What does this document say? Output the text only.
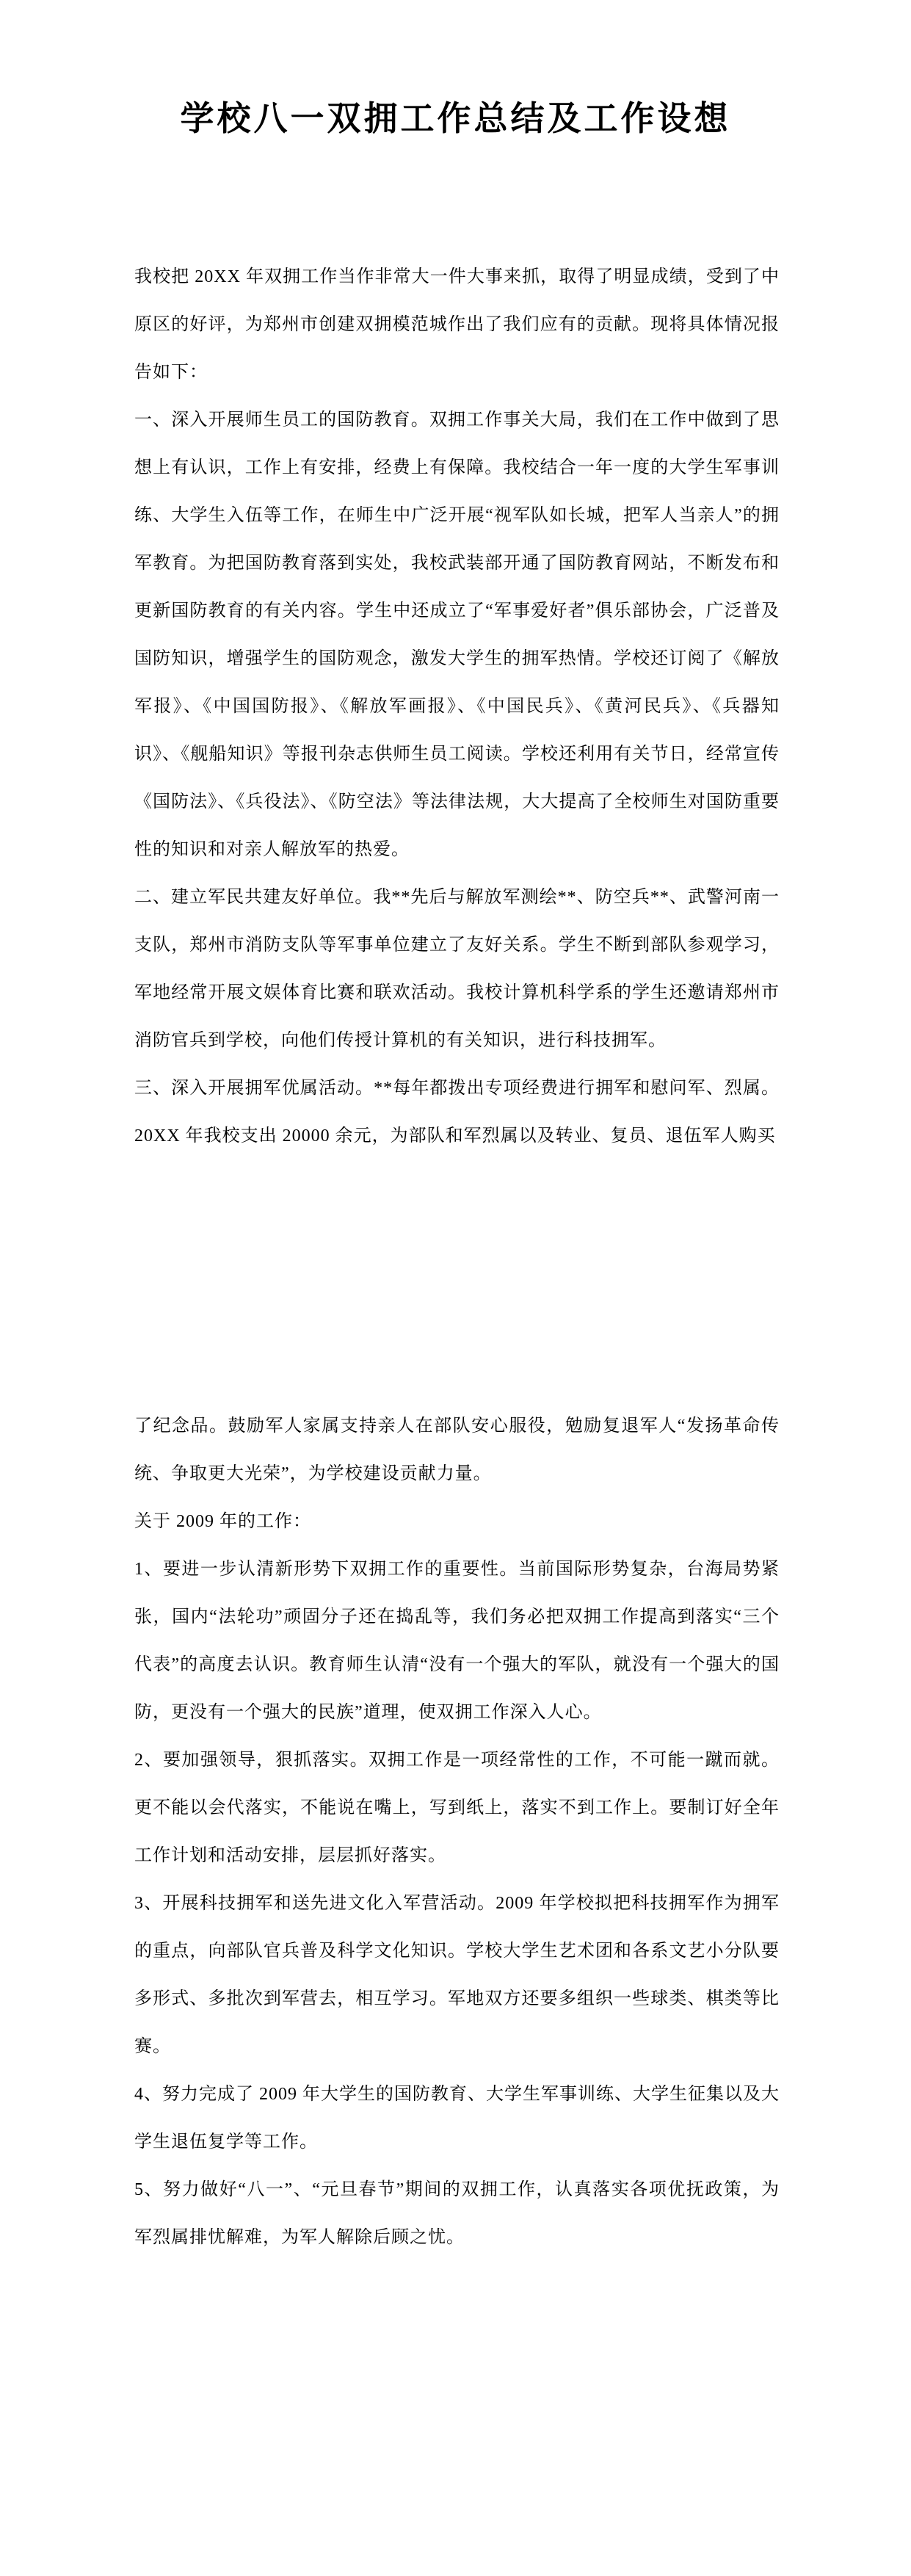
学校八一双拥工作总结及工作设想

我校把 20XX 年双拥工作当作非常大一件大事来抓，取得了明显成绩，受到了中原区的好评，为郑州市创建双拥模范城作出了我们应有的贡献。现将具体情况报告如下：

一、深入开展师生员工的国防教育。双拥工作事关大局，我们在工作中做到了思想上有认识，工作上有安排，经费上有保障。我校结合一年一度的大学生军事训练、大学生入伍等工作，在师生中广泛开展“视军队如长城，把军人当亲人”的拥军教育。为把国防教育落到实处，我校武装部开通了国防教育网站，不断发布和更新国防教育的有关内容。学生中还成立了“军事爱好者”俱乐部协会，广泛普及国防知识，增强学生的国防观念，激发大学生的拥军热情。学校还订阅了《解放军报》、《中国国防报》、《解放军画报》、《中国民兵》、《黄河民兵》、《兵器知识》、《舰船知识》等报刊杂志供师生员工阅读。学校还利用有关节日，经常宣传《国防法》、《兵役法》、《防空法》等法律法规，大大提高了全校师生对国防重要性的知识和对亲人解放军的热爱。

二、建立军民共建友好单位。我**先后与解放军测绘**、防空兵**、武警河南一支队，郑州市消防支队等军事单位建立了友好关系。学生不断到部队参观学习，军地经常开展文娱体育比赛和联欢活动。我校计算机科学系的学生还邀请郑州市消防官兵到学校，向他们传授计算机的有关知识，进行科技拥军。

三、深入开展拥军优属活动。**每年都拨出专项经费进行拥军和慰问军、烈属。20XX 年我校支出 20000 余元，为部队和军烈属以及转业、复员、退伍军人购买

了纪念品。鼓励军人家属支持亲人在部队安心服役，勉励复退军人“发扬革命传统、争取更大光荣”，为学校建设贡献力量。

关于 2009 年的工作：

1、要进一步认清新形势下双拥工作的重要性。当前国际形势复杂，台海局势紧张，国内“法轮功”顽固分子还在捣乱等，我们务必把双拥工作提高到落实“三个代表”的高度去认识。教育师生认清“没有一个强大的军队，就没有一个强大的国防，更没有一个强大的民族”道理，使双拥工作深入人心。

2、要加强领导，狠抓落实。双拥工作是一项经常性的工作，不可能一蹴而就。更不能以会代落实，不能说在嘴上，写到纸上，落实不到工作上。要制订好全年工作计划和活动安排，层层抓好落实。

3、开展科技拥军和送先进文化入军营活动。2009 年学校拟把科技拥军作为拥军的重点，向部队官兵普及科学文化知识。学校大学生艺术团和各系文艺小分队要多形式、多批次到军营去，相互学习。军地双方还要多组织一些球类、棋类等比赛。

4、努力完成了 2009 年大学生的国防教育、大学生军事训练、大学生征集以及大学生退伍复学等工作。

5、努力做好“八一”、“元旦春节”期间的双拥工作，认真落实各项优抚政策，为军烈属排忧解难，为军人解除后顾之忧。
